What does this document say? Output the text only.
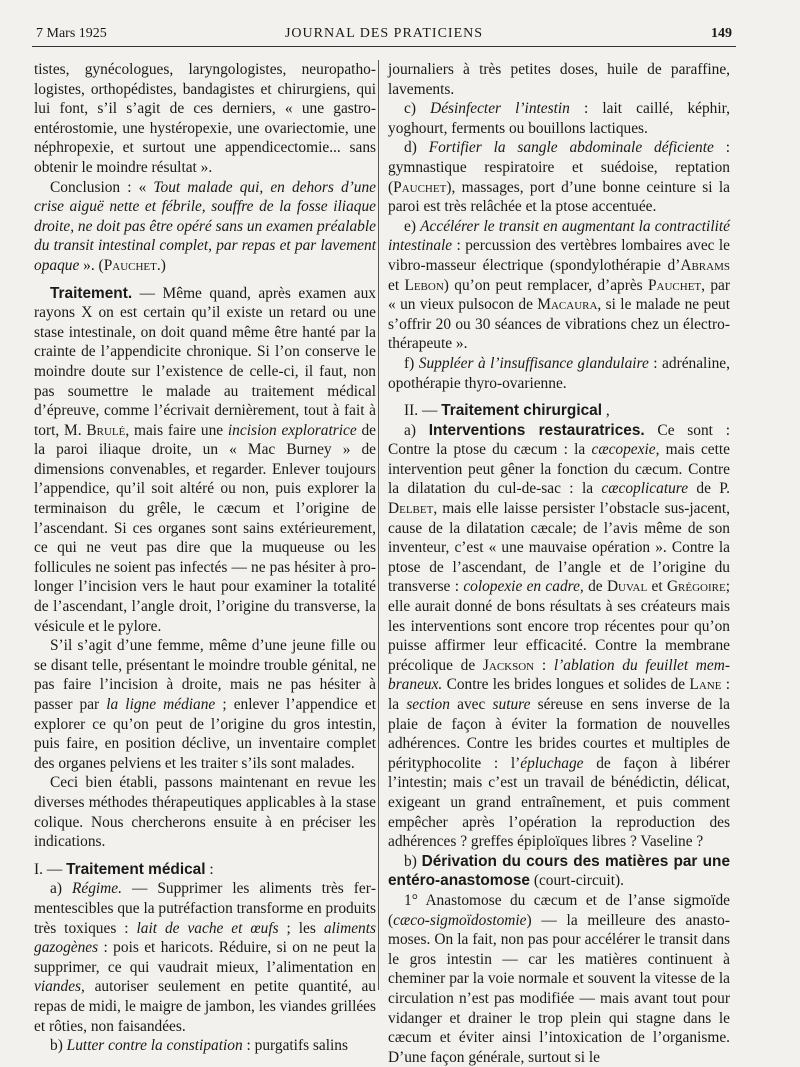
7 Mars 1925	JOURNAL DES PRATICIENS	149

tistes, gynécologues, laryngologistes, neuropathologistes, orthopédistes, bandagistes et chirurgiens, qui lui font, s’il s’agit de ces derniers, « une gastro-entérostomie, une hystéropexie, une ovariectomie, une néphropexie, et surtout une appendicectomie... sans obtenir le moindre résultat ».

Conclusion : « Tout malade qui, en dehors d’une crise aiguë nette et fébrile, souffre de la fosse iliaque droite, ne doit pas être opéré sans un examen préalable du transit intestinal complet, par repas et par lavement opaque ». (Pauchet.)

Traitement. — Même quand, après examen aux rayons X on est certain qu’il existe un retard ou une stase intestinale, on doit quand même être hanté par la crainte de l’appendicite chronique. Si l’on conserve le moindre doute sur l’existence de celle-ci, il faut, non pas soumettre le malade au traitement médical d’épreuve, comme l’écrivait dernièrement, tout à fait à tort, M. Brulé, mais faire une incision exploratrice de la paroi iliaque droite, un « Mac Burney » de dimensions convenables, et regarder. Enlever toujours l’appendice, qu’il soit altéré ou non, puis explorer la terminaison du grêle, le cæcum et l’origine de l’ascendant. Si ces organes sont sains extérieurement, ce qui ne veut pas dire que la muqueuse ou les follicules ne soient pas infectés — ne pas hésiter à prolonger l’incision vers le haut pour examiner la totalité de l’ascendant, l’angle droit, l’origine du transverse, la vésicule et le pylore.

S’il s’agit d’une femme, même d’une jeune fille ou se disant telle, présentant le moindre trouble génital, ne pas faire l’incision à droite, mais ne pas hésiter à passer par la ligne médiane ; enlever l’appendice et explorer ce qu’on peut de l’origine du gros intestin, puis faire, en position déclive, un inventaire complet des organes pelviens et les traiter s’ils sont malades.

Ceci bien établi, passons maintenant en revue les diverses méthodes thérapeutiques applicables à la stase colique. Nous chercherons ensuite à en préciser les indications.

I. — Traitement médical :

a) Régime. — Supprimer les aliments très fermentescibles que la putréfaction transforme en produits très toxiques : lait de vache et œufs ; les aliments gazogènes : pois et haricots. Réduire, si on ne peut la supprimer, ce qui vaudrait mieux, l’alimentation en viandes, autoriser seulement en petite quantité, au repas de midi, le maigre de jambon, les viandes grillées et rôties, non faisandées.

b) Lutter contre la constipation : purgatifs salins

journaliers à très petites doses, huile de paraffine, lavements.

c) Désinfecter l’intestin : lait caillé, képhir, yoghourt, ferments ou bouillons lactiques.

d) Fortifier la sangle abdominale déficiente : gymnastique respiratoire et suédoise, reptation (Pauchet), massages, port d’une bonne ceinture si la paroi est très relâchée et la ptose accentuée.

e) Accélérer le transit en augmentant la contractilité intestinale : percussion des vertèbres lombaires avec le vibro-masseur électrique (spondylothérapie d’Abrams et Lebon) qu’on peut remplacer, d’après Pauchet, par « un vieux pulsocon de Macaura, si le malade ne peut s’offrir 20 ou 30 séances de vibrations chez un électrothérapeute ».

f) Suppléer à l’insuffisance glandulaire : adrénaline, opothérapie thyro-ovarienne.

II. — Traitement chirurgical ,

a) Interventions restauratrices. Ce sont : Contre la ptose du cæcum : la cæcopexie, mais cette intervention peut gêner la fonction du cæcum. Contre la dilatation du cul-de-sac : la cæcoplicature de P. Delbet, mais elle laisse persister l’obstacle sus-jacent, cause de la dilatation cæcale; de l’avis même de son inventeur, c’est « une mauvaise opération ». Contre la ptose de l’ascendant, de l’angle et de l’origine du transverse : colopexie en cadre, de Duval et Grégoire; elle aurait donné de bons résultats à ses créateurs mais les interventions sont encore trop récentes pour qu’on puisse affirmer leur efficacité. Contre la membrane précolique de Jackson : l’ablation du feuillet membraneux. Contre les brides longues et solides de Lane : la section avec suture séreuse en sens inverse de la plaie de façon à éviter la formation de nouvelles adhérences. Contre les brides courtes et multiples de pérityphocolite : l’épluchage de façon à libérer l’intestin; mais c’est un travail de bénédictin, délicat, exigeant un grand entraînement, et puis comment empêcher après l’opération la reproduction des adhérences ? greffes épiploïques libres ? Vaseline ?

b) Dérivation du cours des matières par une entéro-anastomose (court-circuit).

1° Anastomose du cæcum et de l’anse sigmoïde (cæco-sigmoïdostomie) — la meilleure des anastomoses. On la fait, non pas pour accélérer le transit dans le gros intestin — car les matières continuent à cheminer par la voie normale et souvent la vitesse de la circulation n’est pas modifiée — mais avant tout pour vidanger et drainer le trop plein qui stagne dans le cæcum et éviter ainsi l’intoxication de l’organisme. D’une façon générale, surtout si le
